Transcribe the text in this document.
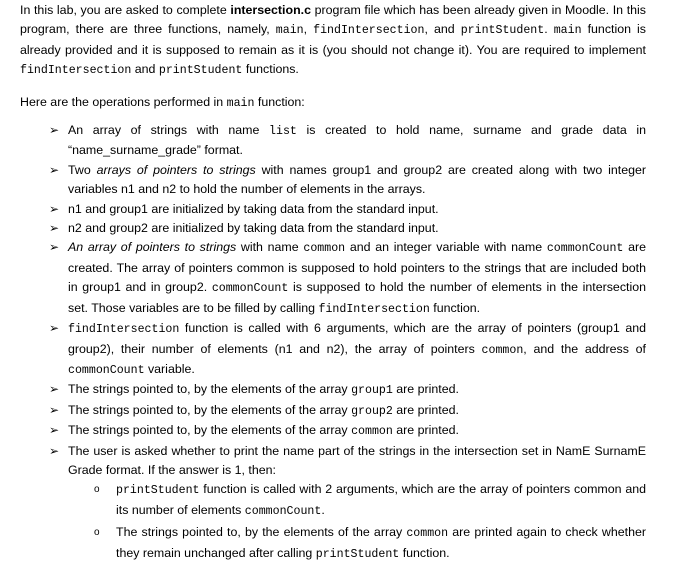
In this lab, you are asked to complete intersection.c program file which has been already given in Moodle. In this program, there are three functions, namely, main, findIntersection, and printStudent. main function is already provided and it is supposed to remain as it is (you should not change it). You are required to implement findIntersection and printStudent functions.

Here are the operations performed in main function:

➢ An array of strings with name list is created to hold name, surname and grade data in “name_surname_grade” format.
➢ Two arrays of pointers to strings with names group1 and group2 are created along with two integer variables n1 and n2 to hold the number of elements in the arrays.
➢ n1 and group1 are initialized by taking data from the standard input.
➢ n2 and group2 are initialized by taking data from the standard input.
➢ An array of pointers to strings with name common and an integer variable with name commonCount are created. The array of pointers common is supposed to hold pointers to the strings that are included both in group1 and in group2. commonCount is supposed to hold the number of elements in the intersection set. Those variables are to be filled by calling findIntersection function.
➢ findIntersection function is called with 6 arguments, which are the array of pointers (group1 and group2), their number of elements (n1 and n2), the array of pointers common, and the address of commonCount variable.
➢ The strings pointed to, by the elements of the array group1 are printed.
➢ The strings pointed to, by the elements of the array group2 are printed.
➢ The strings pointed to, by the elements of the array common are printed.
➢ The user is asked whether to print the name part of the strings in the intersection set in NamE SurnamE Grade format. If the answer is 1, then:
o printStudent function is called with 2 arguments, which are the array of pointers common and its number of elements commonCount.
o The strings pointed to, by the elements of the array common are printed again to check whether they remain unchanged after calling printStudent function.
